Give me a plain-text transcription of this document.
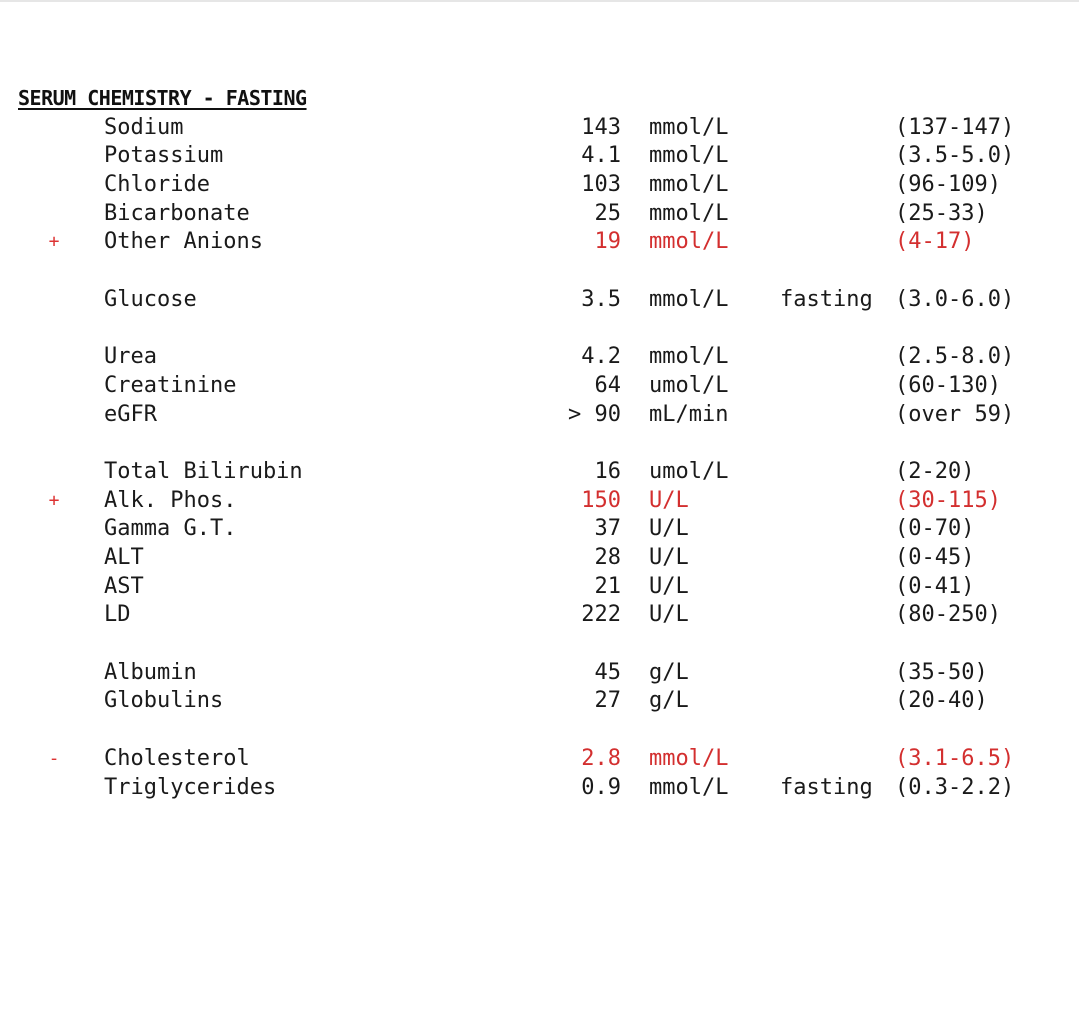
SERUM CHEMISTRY - FASTING
Sodium	143 mmol/L	(137-147)
Potassium	4.1 mmol/L	(3.5-5.0)
Chloride	103 mmol/L	(96-109)
Bicarbonate	25 mmol/L	(25-33)
+ Other Anions	19 mmol/L	(4-17)
Glucose	3.5 mmol/L fasting (3.0-6.0)
Urea	4.2 mmol/L	(2.5-8.0)
Creatinine	64 umol/L	(60-130)
eGFR	> 90 mL/min	(over 59)
Total Bilirubin	16 umol/L	(2-20)
+ Alk. Phos.	150 U/L	(30-115)
Gamma G.T.	37 U/L	(0-70)
ALT	28 U/L	(0-45)
AST	21 U/L	(0-41)
LD	222 U/L	(80-250)
Albumin	45 g/L	(35-50)
Globulins	27 g/L	(20-40)
- Cholesterol	2.8 mmol/L	(3.1-6.5)
Triglycerides	0.9 mmol/L fasting (0.3-2.2)
